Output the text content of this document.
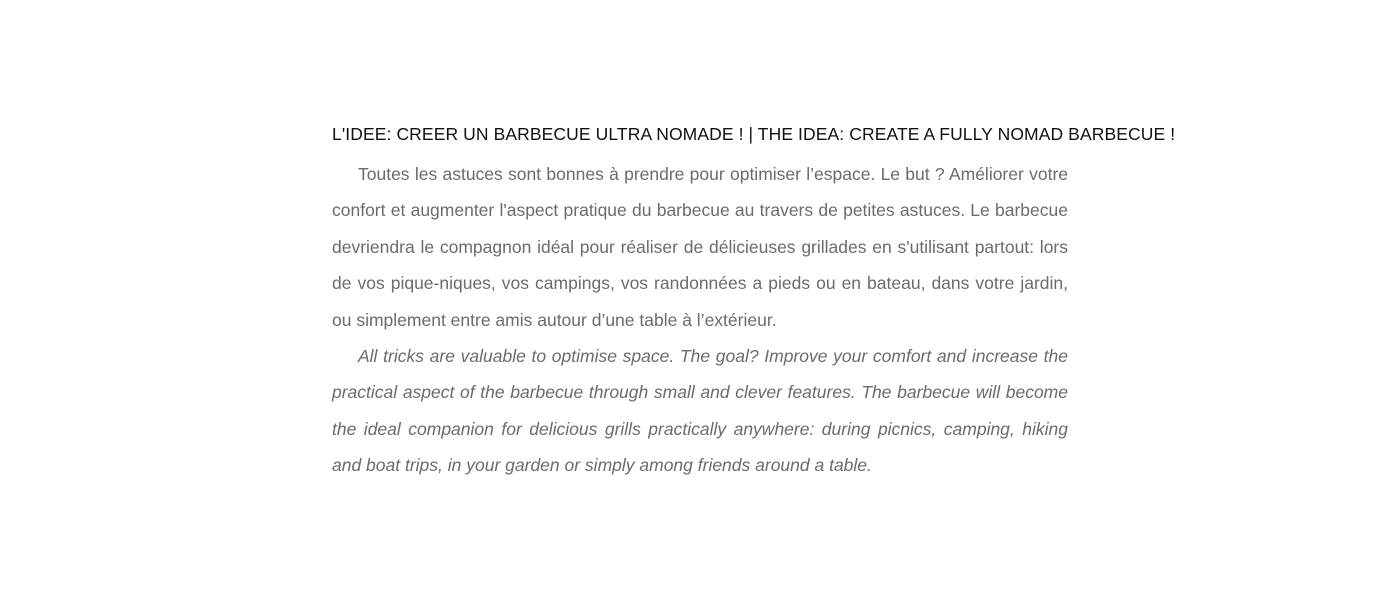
L'IDEE: CREER UN BARBECUE ULTRA NOMADE ! | THE IDEA: CREATE A FULLY NOMAD BARBECUE !

Toutes les astuces sont bonnes à prendre pour optimiser l’espace. Le but ? Améliorer votre confort et augmenter l'aspect pratique du barbecue au travers de petites astuces. Le barbecue devriendra le compagnon idéal pour réaliser de délicieuses grillades en s'utilisant partout: lors de vos pique-niques, vos campings, vos randonnées a pieds ou en bateau, dans votre jardin, ou simplement entre amis autour d’une table à l’extérieur.

All tricks are valuable to optimise space. The goal? Improve your comfort and increase the practical aspect of the barbecue through small and clever features. The barbecue will become the ideal companion for delicious grills practically anywhere: during picnics, camping, hiking and boat trips, in your garden or simply among friends around a table.
